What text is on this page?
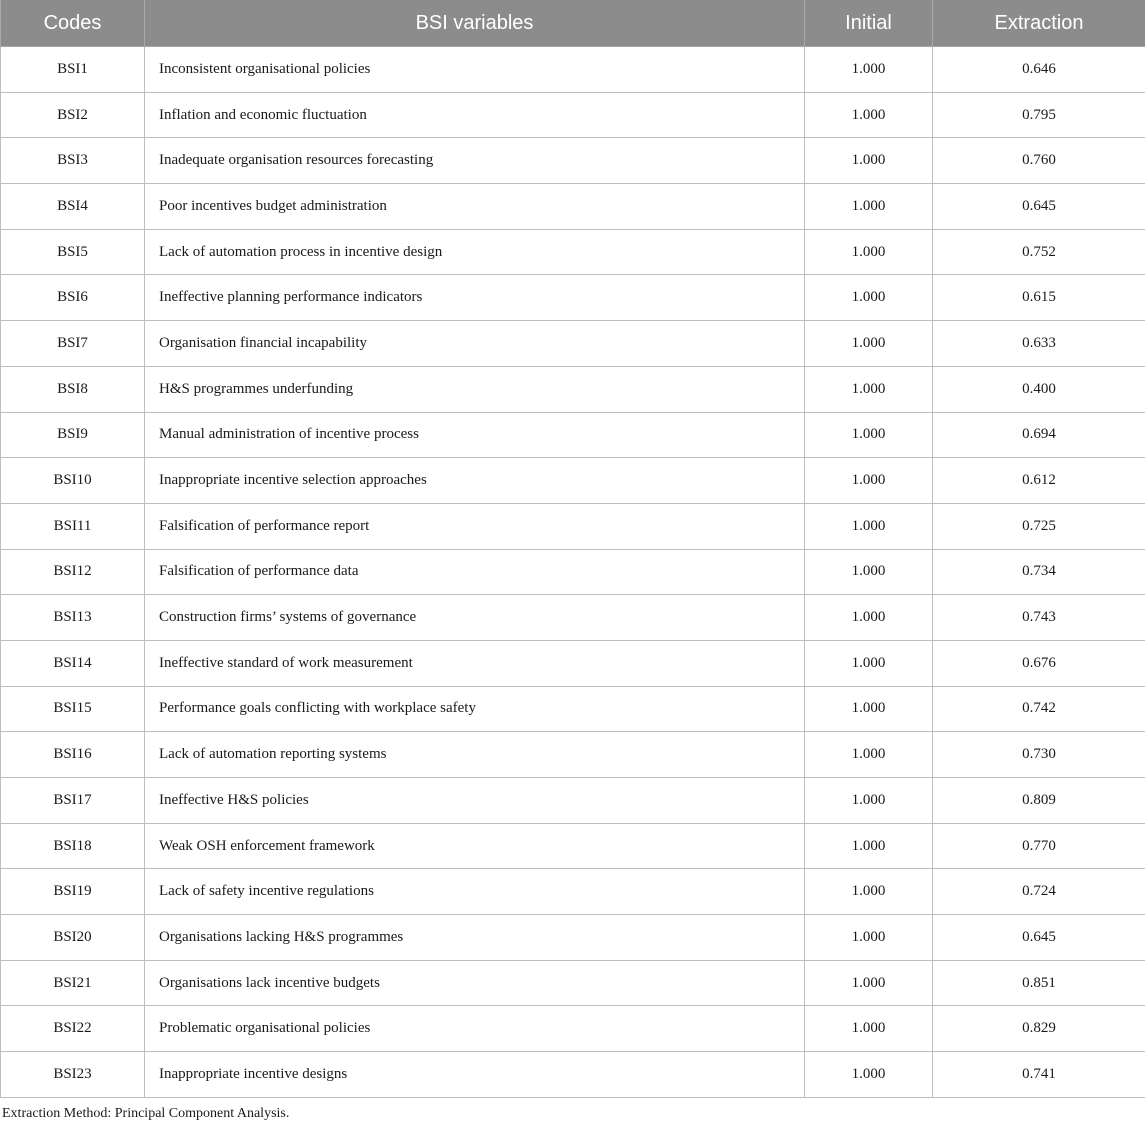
Codes	BSI variables	Initial	Extraction
BSI1	Inconsistent organisational policies	1.000	0.646
BSI2	Inflation and economic fluctuation	1.000	0.795
BSI3	Inadequate organisation resources forecasting	1.000	0.760
BSI4	Poor incentives budget administration	1.000	0.645
BSI5	Lack of automation process in incentive design	1.000	0.752
BSI6	Ineffective planning performance indicators	1.000	0.615
BSI7	Organisation financial incapability	1.000	0.633
BSI8	H&S programmes underfunding	1.000	0.400
BSI9	Manual administration of incentive process	1.000	0.694
BSI10	Inappropriate incentive selection approaches	1.000	0.612
BSI11	Falsification of performance report	1.000	0.725
BSI12	Falsification of performance data	1.000	0.734
BSI13	Construction firms’ systems of governance	1.000	0.743
BSI14	Ineffective standard of work measurement	1.000	0.676
BSI15	Performance goals conflicting with workplace safety	1.000	0.742
BSI16	Lack of automation reporting systems	1.000	0.730
BSI17	Ineffective H&S policies	1.000	0.809
BSI18	Weak OSH enforcement framework	1.000	0.770
BSI19	Lack of safety incentive regulations	1.000	0.724
BSI20	Organisations lacking H&S programmes	1.000	0.645
BSI21	Organisations lack incentive budgets	1.000	0.851
BSI22	Problematic organisational policies	1.000	0.829
BSI23	Inappropriate incentive designs	1.000	0.741
Extraction Method: Principal Component Analysis.
